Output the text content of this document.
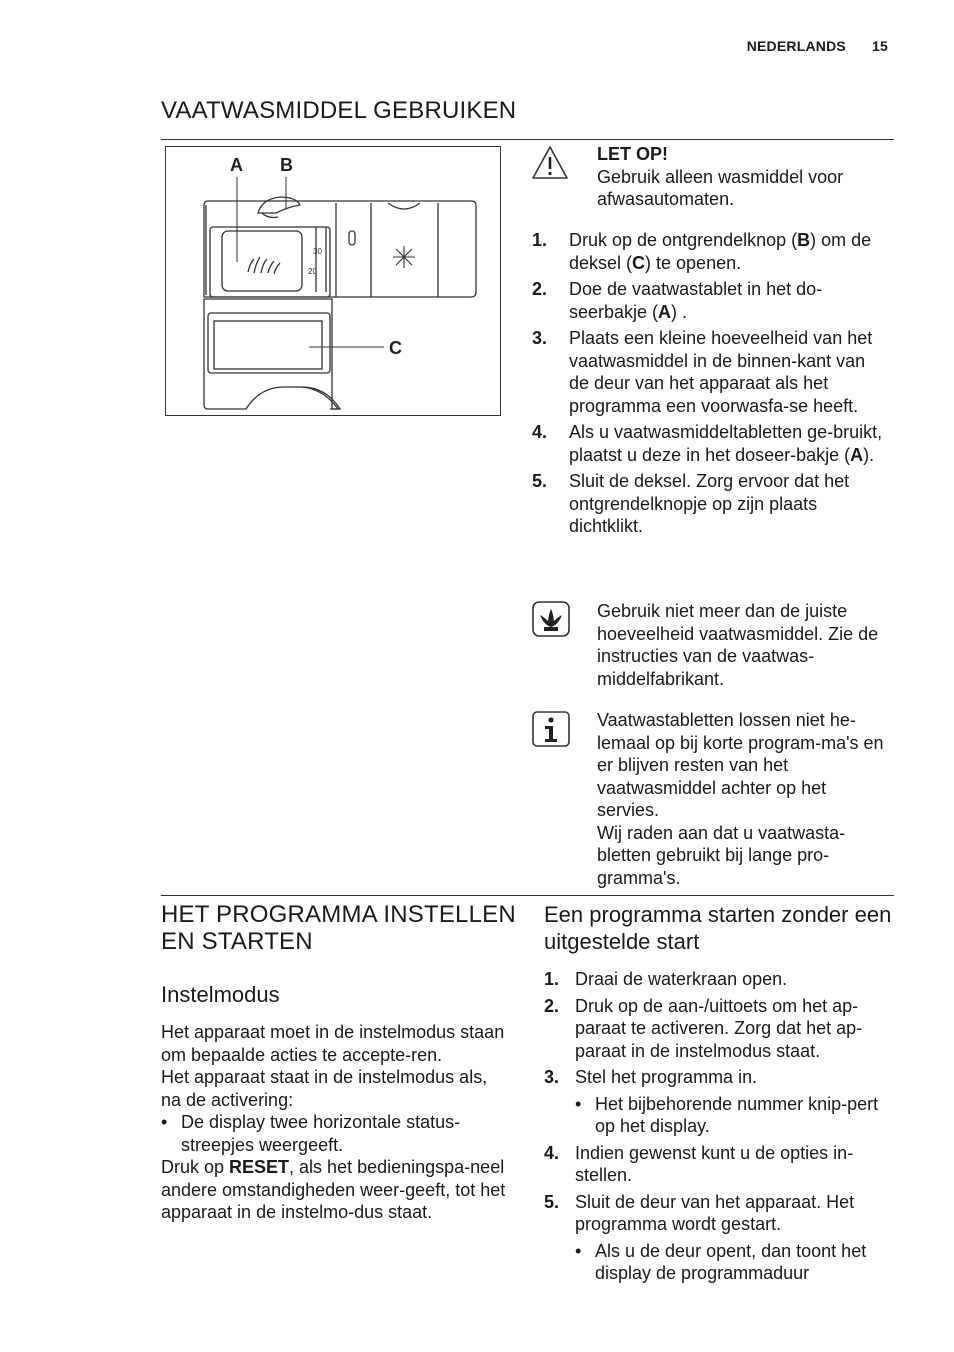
NEDERLANDS 15
VAATWASMIDDEL GEBRUIKEN
A B
C
30
20
LET OP!
Gebruik alleen wasmiddel voor afwasautomaten.
1. Druk op de ontgrendelknop (B) om de deksel (C) te openen.
2. Doe de vaatwastablet in het do-seerbakje (A) .
3. Plaats een kleine hoeveelheid van het vaatwasmiddel in de binnen-kant van de deur van het apparaat als het programma een voorwasfa-se heeft.
4. Als u vaatwasmiddeltabletten ge-bruikt, plaatst u deze in het doseer-bakje (A).
5. Sluit de deksel. Zorg ervoor dat het ontgrendelknopje op zijn plaats dichtklikt.
Gebruik niet meer dan de juiste hoeveelheid vaatwasmiddel. Zie de instructies van de vaatwas-middelfabrikant.
Vaatwastabletten lossen niet he-lemaal op bij korte program-ma's en er blijven resten van het vaatwasmiddel achter op het servies.
Wij raden aan dat u vaatwasta-bletten gebruikt bij lange pro-gramma's.
HET PROGRAMMA INSTELLEN EN STARTEN
Instelmodus
Het apparaat moet in de instelmodus staan om bepaalde acties te accepte-ren.
Het apparaat staat in de instelmodus als, na de activering:
• De display twee horizontale status-streepjes weergeeft.
Druk op RESET, als het bedieningspa-neel andere omstandigheden weer-geeft, tot het apparaat in de instelmo-dus staat.
Een programma starten zonder een uitgestelde start
1. Draai de waterkraan open.
2. Druk op de aan-/uittoets om het ap-paraat te activeren. Zorg dat het ap-paraat in de instelmodus staat.
3. Stel het programma in.
• Het bijbehorende nummer knip-pert op het display.
4. Indien gewenst kunt u de opties in-stellen.
5. Sluit de deur van het apparaat. Het programma wordt gestart.
• Als u de deur opent, dan toont het display de programmaduur
